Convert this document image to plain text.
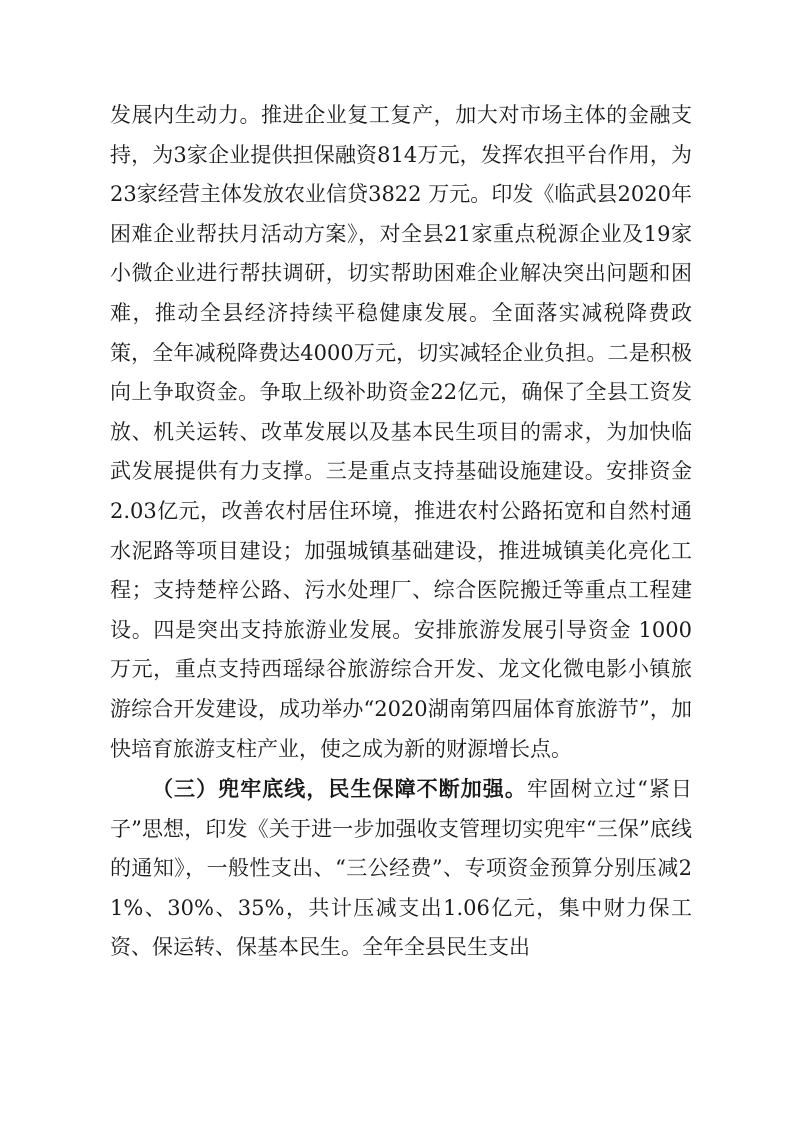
发展内生动力。推进企业复工复产，加大对市场主体的金融支持，为3家企业提供担保融资814万元，发挥农担平台作用，为23家经营主体发放农业信贷3822 万元。印发《临武县2020年困难企业帮扶月活动方案》，对全县21家重点税源企业及19家小微企业进行帮扶调研，切实帮助困难企业解决突出问题和困难，推动全县经济持续平稳健康发展。全面落实减税降费政策，全年减税降费达4000万元，切实减轻企业负担。二是积极向上争取资金。争取上级补助资金22亿元，确保了全县工资发放、机关运转、改革发展以及基本民生项目的需求，为加快临武发展提供有力支撑。三是重点支持基础设施建设。安排资金2.03亿元，改善农村居住环境，推进农村公路拓宽和自然村通水泥路等项目建设；加强城镇基础建设，推进城镇美化亮化工程；支持楚梓公路、污水处理厂、综合医院搬迁等重点工程建设。四是突出支持旅游业发展。安排旅游发展引导资金 1000万元，重点支持西瑶绿谷旅游综合开发、龙文化微电影小镇旅游综合开发建设，成功举办“2020湖南第四届体育旅游节”，加快培育旅游支柱产业，使之成为新的财源增长点。

（三）兜牢底线，民生保障不断加强。牢固树立过“紧日子”思想，印发《关于进一步加强收支管理切实兜牢“三保”底线的通知》，一般性支出、“三公经费”、专项资金预算分别压减21%、30%、35%，共计压减支出1.06亿元，集中财力保工资、保运转、保基本民生。全年全县民生支出
